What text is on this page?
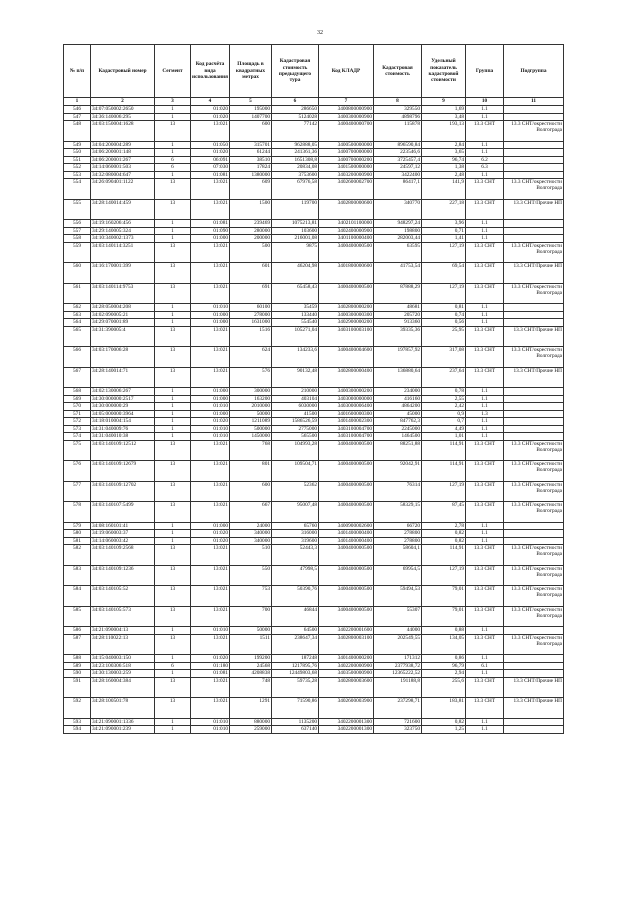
32
№ п/п	Кадастровый номер	Сегмент	Код расчёта вида использования	Площадь в квадратных метрах	Кадастровая стоимость предыдущего тура	Код КЛАДР	Кадастровая стоимость	Удельный показатель кадастровой стоимости	Группа	Подгруппа
1	2	3	4	5	6	7	8	9	10	11
546	34:07:050002:2650	1	01:020	195000	286650	3400800000900	329550	1,69	1.1	
547	34:36:140006:295	1	01:020	1407700	5124028	3400300000900	4898796	3,48	1.1	
548	34:03:150004:1628	13	13:021	600	77142	3400400000700	115878	193,13	13.3 СНТ	13.3 СНТ/окрестности Волгограда
549	34:04:200004:289	1	01:050	315701	962888,05	3400500000000	896590,84	2,84	1.1	
550	34:06:200001:148	1	01:020	61244	241361,36	3400700000000	223546,6	3,65	1.1	
551	34:06:200001:267	6	06:091	38510	1651308,8	3400700000200	3725457,4	96,74	6.2	
552	34:14:060001:503	6	07:030	17824	20834,08	3401500000000	24597,12	1,38	6.3	
553	34:32:080004:647	1	01:081	1380000	3753600	3403200000900	3422400	2,48	1.1	
554	34:26:090401:1122	13	13:021	609	67976,58	3402600002700	86417,1	141,9	13.3 СНТ	13.3 СНТ/окрестности Волгограда
555	34:28:140014:459	13	13:021	1500	119700	3402800000600	340770	227,18	13.3 СНТ	13.3 СНТ/Прочие НП
556	34:19:160206:456	1	01:081	239469	1075213,81	3402101100000	948297,24	3,96	1.1	
557	34:29:140005:324	1	01:090	280000	103600	3402400000900	198800	0,71	1.1	
558	34:10:340002:1373	1	01:000	200000	216001,08	3401100000400	282003,44	1,41	1.1	
559	34:03:140114:3251	13	13:021	500	9875	3400400000500	63595	127,19	13.3 СНТ	13.3 СНТ/окрестности Волгограда
560	34:16:170001:399	13	13:021	601	46204,98	3401800000600	41753,54	69,54	13.3 СНТ	13.3 СНТ/Прочие НП
561	34:03:140114:9753	13	13:021	691	65458,43	3400400000500	87888,29	127,19	13.3 СНТ	13.3 СНТ/окрестности Волгограда
562	34:28:050004:208	1	01:010	60100	35459	3402800000200	48681	0,81	1.1	
563	34:02:090005:21	1	01:000	278000	133440	3400300000300	205720	0,74	1.1	
564	34:29:070001:89	1	01:000	1631000	554540	3402900000200	913360	0,56	1.1	
565	34:31:390005:4	13	13:021	1516	105271,04	3403100003100	39335,36	25,95	13.3 СНТ	13.3 СНТ/Прочие НП
566	34:03:170006:28	13	13:021	624	134233,6	3400400004600	197857,92	317,08	13.3 СНТ	13.3 СНТ/окрестности Волгограда
567	34:28:140014:71	13	13:021	576	90132,48	3402800000400	136880,64	237,64	13.3 СНТ	13.3 СНТ/Прочие НП
568	34:02:130006:267	1	01:000	300000	210000	3400300000200	234000	0,78	1.1	
569	34:30:000000:2517	1	01:000	163200	403104	3403000000000	416160	2,55	1.1	
570	34:30:000000:29	1	01:010	2010000	6030000	3403000006400	4864200	2,42	1.1	
571	34:05:000000:3964	1	01:000	50000	41500	3401600000300	45000	0,9	1.3	
572	34:18:010004:154	1	01:020	1211089	1586526,59	3401400002300	847762,3	0,7	1.1	
573	34:31:040009:76	1	01:010	500000	2775000	3403100004700	2245000	4,49	1.1	
574	34:31:040010:38	1	01:010	1450000	565500	3403100004700	1464500	1,01	1.1	
575	34:03:140109:12512	13	13:021	768	104993,28	3400400000500	88251,88	114,91	13.3 СНТ	13.3 СНТ/окрестности Волгограда
576	34:03:140109:12679	13	13:021	801	109504,71	3400400000500	92042,91	114,91	13.3 СНТ	13.3 СНТ/окрестности Волгограда
577	34:03:140109:12702	13	13:021	600	52362	3400400000500	76314	127,19	13.3 СНТ	13.3 СНТ/окрестности Волгограда
578	34:03:140107:5499	13	13:021	667	95007,48	3400400000500	58329,15	87,45	13.3 СНТ	13.3 СНТ/окрестности Волгограда
579	34:08:160101:41	1	01:000	24000	65760	3400900002600	66720	2,78	1.1	
580	34:19:060003:37	1	01:020	340000	316000	3401400000400	278800	0,82	1.1	
581	34:14:060003:42	1	01:020	340000	319600	3401400000400	278800	0,82	1.1	
582	34:03:140109:2568	13	13:021	510	52443,3	3400400000500	58604,1	114,91	13.3 СНТ	13.3 СНТ/окрестности Волгограда
583	34:03:140109:1236	13	13:021	550	47998,5	3400400000500	69954,5	127,19	13.3 СНТ	13.3 СНТ/окрестности Волгограда
584	34:03:140105:52	13	13:021	753	50390,76	3400400000500	59494,53	79,01	13.3 СНТ	13.3 СНТ/окрестности Волгограда
585	34:03:140105:573	13	13:021	700	46844	3400400000500	55307	79,01	13.3 СНТ	13.3 СНТ/окрестности Волгограда
586	34:21:090004:13	1	01:010	50000	64500	3402200001600	44000	0,88	1.1	
587	34:28:110022:13	13	13:021	1511	238647,34	3402800003100	202549,55	134,05	13.3 СНТ	13.3 СНТ/окрестности Волгограда
588	34:15:040003:150	1	01:020	199200	187248	3401400000200	171312	0,86	1.1	
589	34:23:100306:518	6	01:180	24568	1217895,76	3402200000900	2377938,72	96,79	6.1	
590	34:30:130003:259	1	01:081	4208838	12449803,68	3403500000900	12365222,52	2,94	1.1	
591	34:28:160004:384	13	13:021	748	59735,28	3402800003600	191188,8	255,6	13.3 СНТ	13.3 СНТ/Прочие НП
592	34:28:100501:78	13	13:021	1291	71590,86	3402600003900	237298,71	183,81	13.3 СНТ	13.3 СНТ/Прочие НП
593	34:21:090001:1336	1	01:010	880000	1135200	3402200001300	721600	0,82	1.1	
594	34:21:090001:239	1	01:010	259000	637140	3402200001300	323750	1,25	1.1	
